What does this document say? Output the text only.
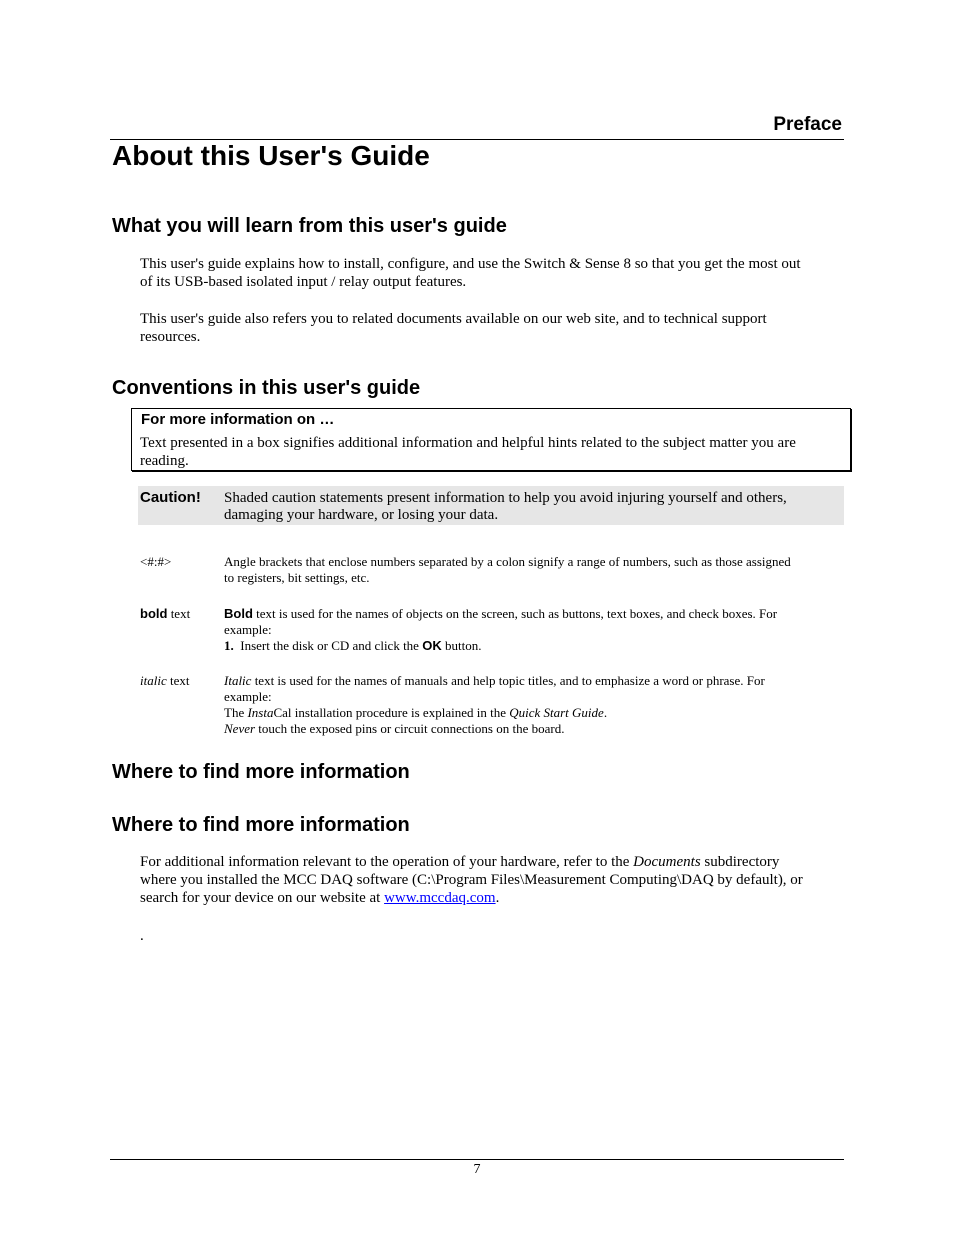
Preface
About this User's Guide
What you will learn from this user's guide

This user's guide explains how to install, configure, and use the Switch & Sense 8 so that you get the most out
of its USB-based isolated input / relay output features.

This user's guide also refers you to related documents available on our web site, and to technical support
resources.

Conventions in this user's guide
For more information on …
Text presented in a box signifies additional information and helpful hints related to the subject matter you are
reading.
Caution! Shaded caution statements present information to help you avoid injuring yourself and others,
damaging your hardware, or losing your data.
<#:#>	Angle brackets that enclose numbers separated by a colon signify a range of numbers, such as those assigned
to registers, bit settings, etc.
bold text	Bold text is used for the names of objects on the screen, such as buttons, text boxes, and check boxes. For
example:
1.  Insert the disk or CD and click the OK button.
italic text	Italic text is used for the names of manuals and help topic titles, and to emphasize a word or phrase. For
example:
The InstaCal installation procedure is explained in the Quick Start Guide.
Never touch the exposed pins or circuit connections on the board.
Where to find more information
Where to find more information

For additional information relevant to the operation of your hardware, refer to the Documents subdirectory
where you installed the MCC DAQ software (C:\Program Files\Measurement Computing\DAQ by default), or
search for your device on our website at www.mccdaq.com.

.
7
